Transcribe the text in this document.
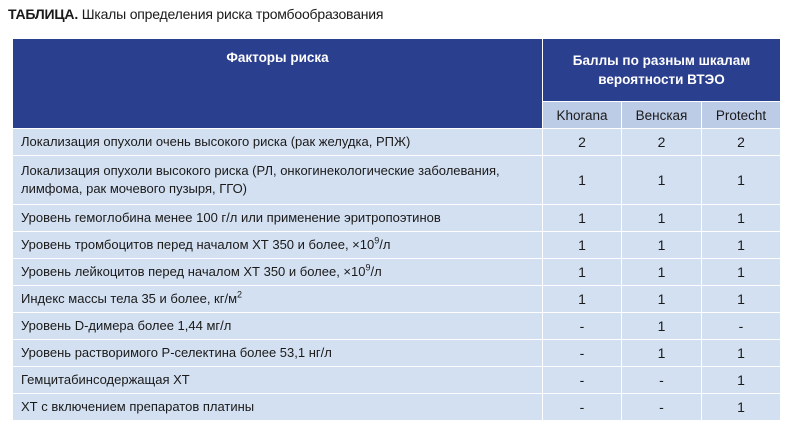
ТАБЛИЦА. Шкалы определения риска тромбообразования
Факторы риска	Баллы по разным шкалам вероятности ВТЭО		
	Khorana	Венская	Protecht
Локализация опухоли очень высокого риска (рак желудка, РПЖ)	2	2	2
Локализация опухоли высокого риска (РЛ, онкогинекологические заболевания, лимфома, рак мочевого пузыря, ГГО)	1	1	1
Уровень гемоглобина менее 100 г/л или применение эритропоэтинов	1	1	1
Уровень тромбоцитов перед началом ХТ 350 и более, $\times 10^9/л$	1	1	1
Уровень лейкоцитов перед началом ХТ 350 и более, $\times 10^9/л$	1	1	1
Индекс массы тела 35 и более, $кг/м^2$	1	1	1
Уровень D-димера более 1,44 мг/л	-	1	-
Уровень растворимого Р-селектина более 53,1 нг/л	-	1	1
Гемцитабинсодержащая ХТ	-	-	1
ХТ с включением препаратов платины	-	-	1
